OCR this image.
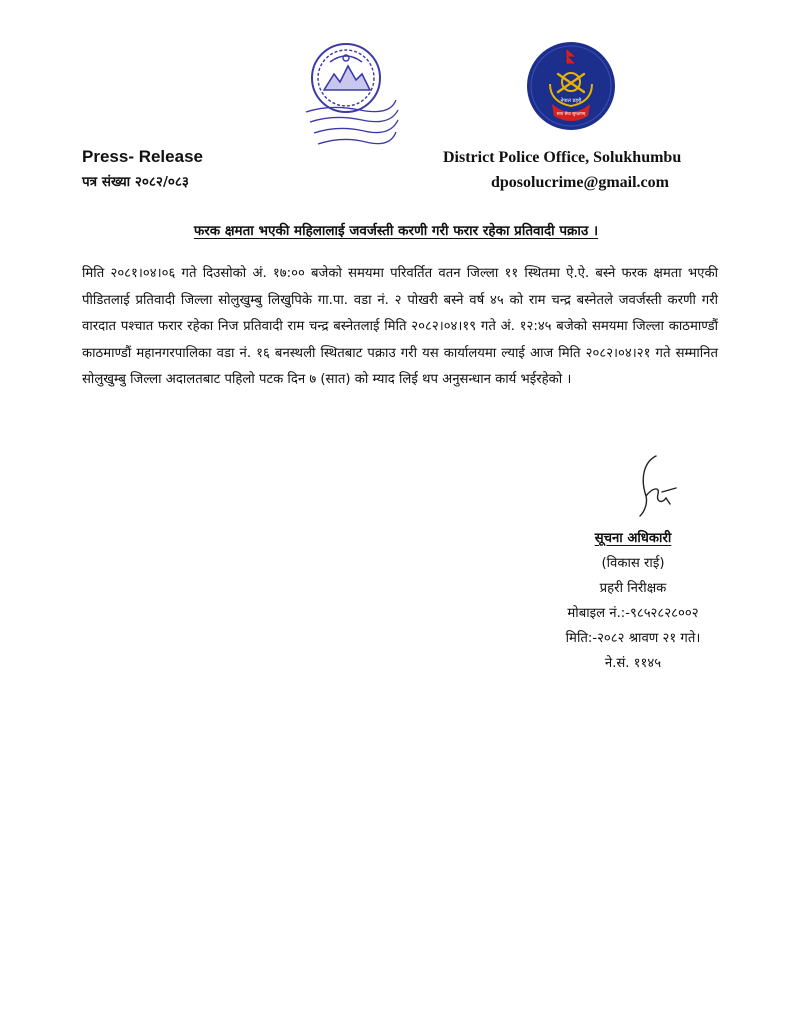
नेपाल प्रहरी
सत्य सेवा सुरक्षणम्
Press- Release
पत्र संख्या २०८२/०८३
District Police Office, Solukhumbu
dposolucrime@gmail.com
फरक क्षमता भएकी महिलालाई जवर्जस्ती करणी गरी फरार रहेका प्रतिवादी पक्राउ ।
मिति २०८१।०४।०६ गते दिउसोको अं. १७:०० बजेको समयमा परिवर्तित वतन जिल्ला ११ स्थितमा ऐ.ऐ. बस्ने फरक क्षमता भएकी पीडितलाई प्रतिवादी जिल्ला सोलुखुम्बु लिखुपिके गा.पा. वडा नं. २ पोखरी बस्ने वर्ष ४५ को राम चन्द्र बस्नेतले जवर्जस्ती करणी गरी वारदात पश्चात फरार रहेका निज प्रतिवादी राम चन्द्र बस्नेतलाई मिति २०८२।०४।१९ गते अं. १२:४५ बजेको समयमा जिल्ला काठमाण्डौं काठमाण्डौं महानगरपालिका वडा नं. १६ बनस्थली स्थितबाट पक्राउ गरी यस कार्यालयमा ल्याई आज मिति २०८२।०४।२१ गते सम्मानित सोलुखुम्बु जिल्ला अदालतबाट पहिलो पटक दिन ७ (सात) को म्याद लिई थप अनुसन्धान कार्य भईरहेको ।
सूचना अधिकारी
(विकास राई)
प्रहरी निरीक्षक
मोबाइल नं.:-९८५२८२८००२
मिति:-२०८२ श्रावण २१ गते।
ने.सं. ११४५
